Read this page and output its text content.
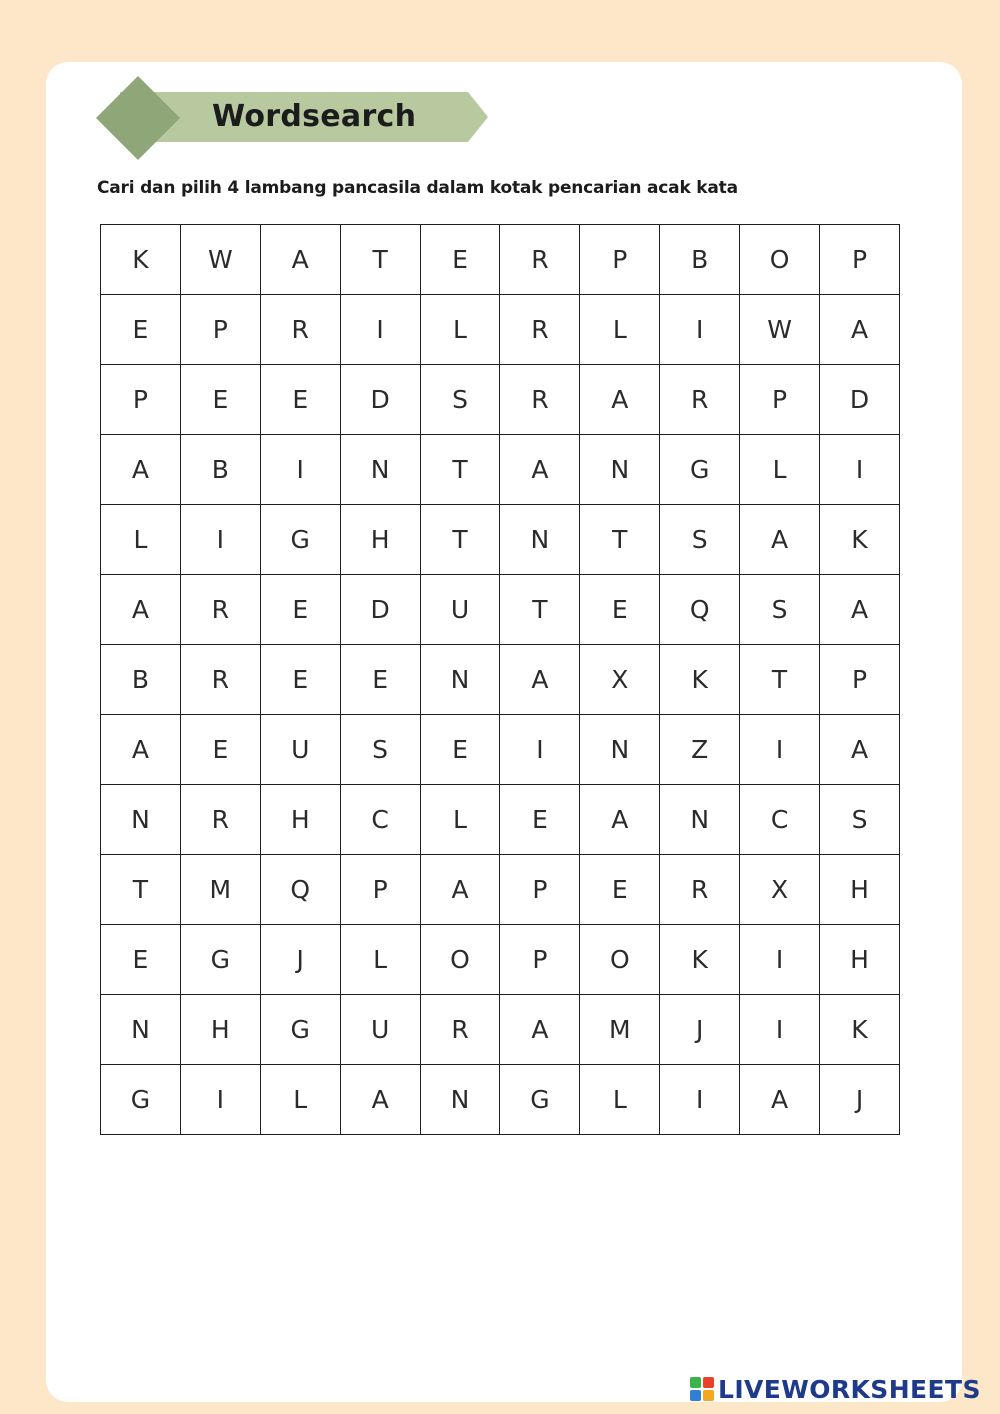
Wordsearch
Cari dan pilih 4 lambang pancasila dalam kotak pencarian acak kata
K	W	A	T	E	R	P	B	O	P
E	P	R	I	L	R	L	I	W	A
P	E	E	D	S	R	A	R	P	D
A	B	I	N	T	A	N	G	L	I
L	I	G	H	T	N	T	S	A	K
A	R	E	D	U	T	E	Q	S	A
B	R	E	E	N	A	X	K	T	P
A	E	U	S	E	I	N	Z	I	A
N	R	H	C	L	E	A	N	C	S
T	M	Q	P	A	P	E	R	X	H
E	G	J	L	O	P	O	K	I	H
N	H	G	U	R	A	M	J	I	K
G	I	L	A	N	G	L	I	A	J
LIVEWORKSHEETS
